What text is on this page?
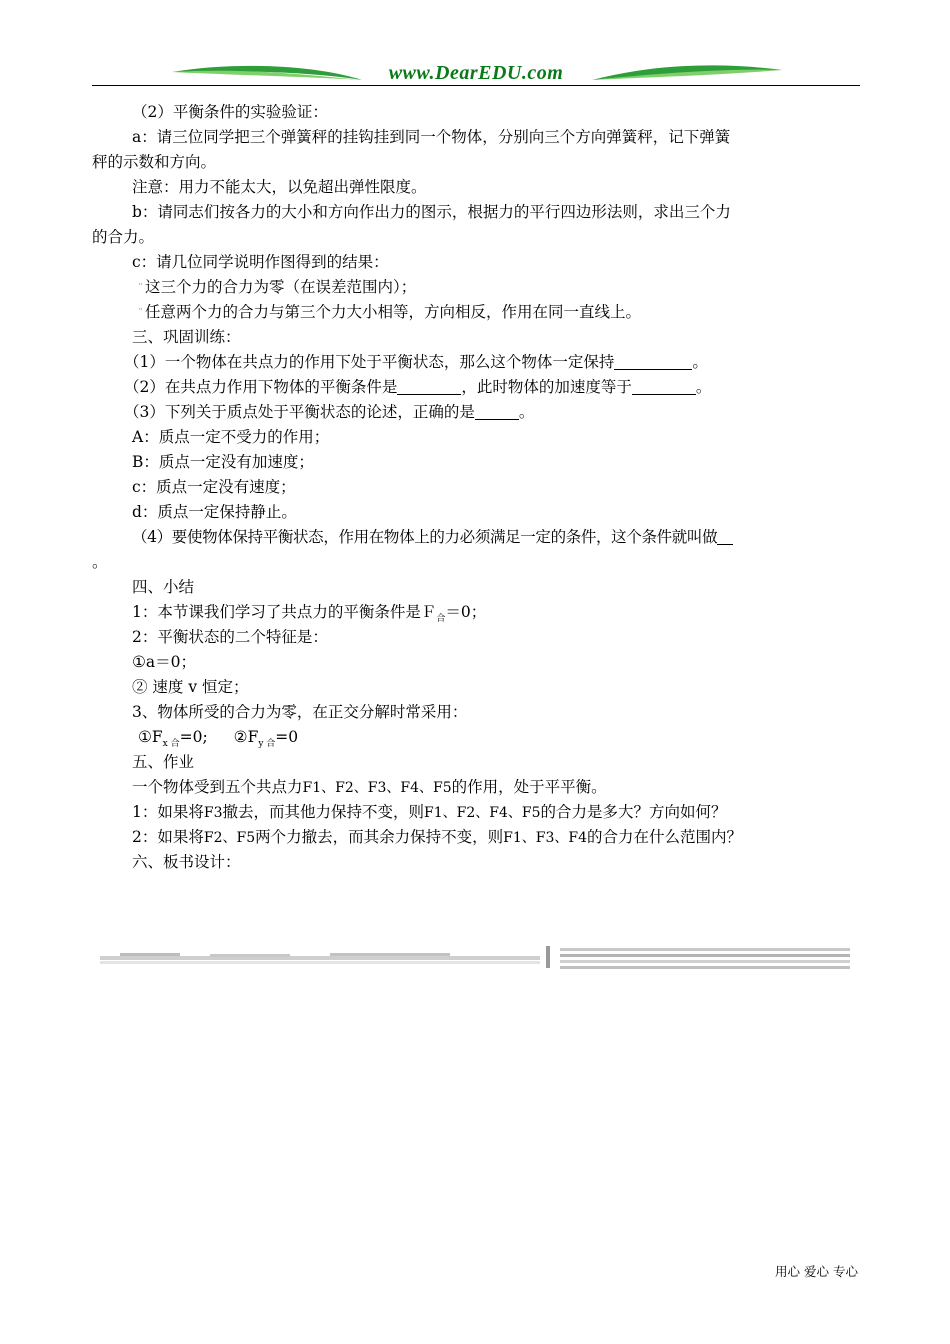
www.DearEDU.com
（2）平衡条件的实验验证：
a：请三位同学把三个弹簧秤的挂钩挂到同一个物体，分别向三个方向弹簧秤，记下弹簧
秤的示数和方向。
注意：用力不能太大，以免超出弹性限度。
b：请同志们按各力的大小和方向作出力的图示，根据力的平行四边形法则，求出三个力
的合力。
c：请几位同学说明作图得到的结果：
¨ 这三个力的合力为零（在误差范围内）；
¨ 任意两个力的合力与第三个力大小相等，方向相反，作用在同一直线上。
三、巩固训练：
（1）一个物体在共点力的作用下处于平衡状态，那么这个物体一定保持	。
（2）在共点力作用下物体的平衡条件是	，此时物体的加速度等于	。
（3）下列关于质点处于平衡状态的论述，正确的是	。
A：质点一定不受力的作用；
B：质点一定没有加速度；
c：质点一定没有速度；
d：质点一定保持静止。
（4）要使物体保持平衡状态，作用在物体上的力必须满足一定的条件，这个条件就叫做
。
四、小结
1：本节课我们学习了共点力的平衡条件是Ｆ$_合$＝0；
2：平衡状态的二个特征是：
①a＝0；
② 速度 v 恒定；
3、物体所受的合力为零，在正交分解时常采用：
$①F_{x 合}=0$; $②F_{y 合}=0$
五、作业
一个物体受到五个共点力F1、F2、F3、F4、F5的作用，处于平平衡。
1：如果将F3撤去，而其他力保持不变，则F1、F2、F4、F5的合力是多大？方向如何？
2：如果将F2、F5两个力撤去，而其余力保持不变，则F1、F3、F4的合力在什么范围内？
六、板书设计：
用心 爱心 专心
